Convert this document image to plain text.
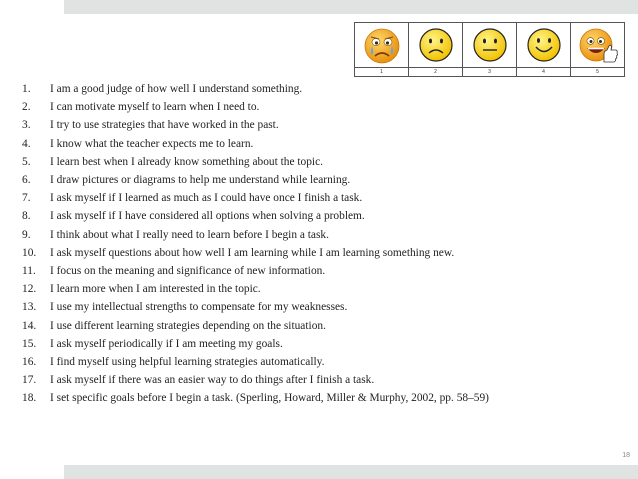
1	2	3	4	5
1.	I am a good judge of how well I understand something.
2.	I can motivate myself to learn when I need to.
3.	I try to use strategies that have worked in the past.
4.	I know what the teacher expects me to learn.
5.	I learn best when I already know something about the topic.
6.	I draw pictures or diagrams to help me understand while learning.
7.	I ask myself if I learned as much as I could have once I finish a task.
8.	I ask myself if I have considered all options when solving a problem.
9.	I think about what I really need to learn before I begin a task.
10.	I ask myself questions about how well I am learning while I am learning something new.
11.	I focus on the meaning and significance of new information.
12.	I learn more when I am interested in the topic.
13.	I use my intellectual strengths to compensate for my weaknesses.
14.	I use different learning strategies depending on the situation.
15.	I ask myself periodically if I am meeting my goals.
16.	I find myself using helpful learning strategies automatically.
17.	I ask myself if there was an easier way to do things after I finish a task.
18.	I set specific goals before I begin a task. (Sperling, Howard, Miller & Murphy, 2002, pp. 58–59)
18
